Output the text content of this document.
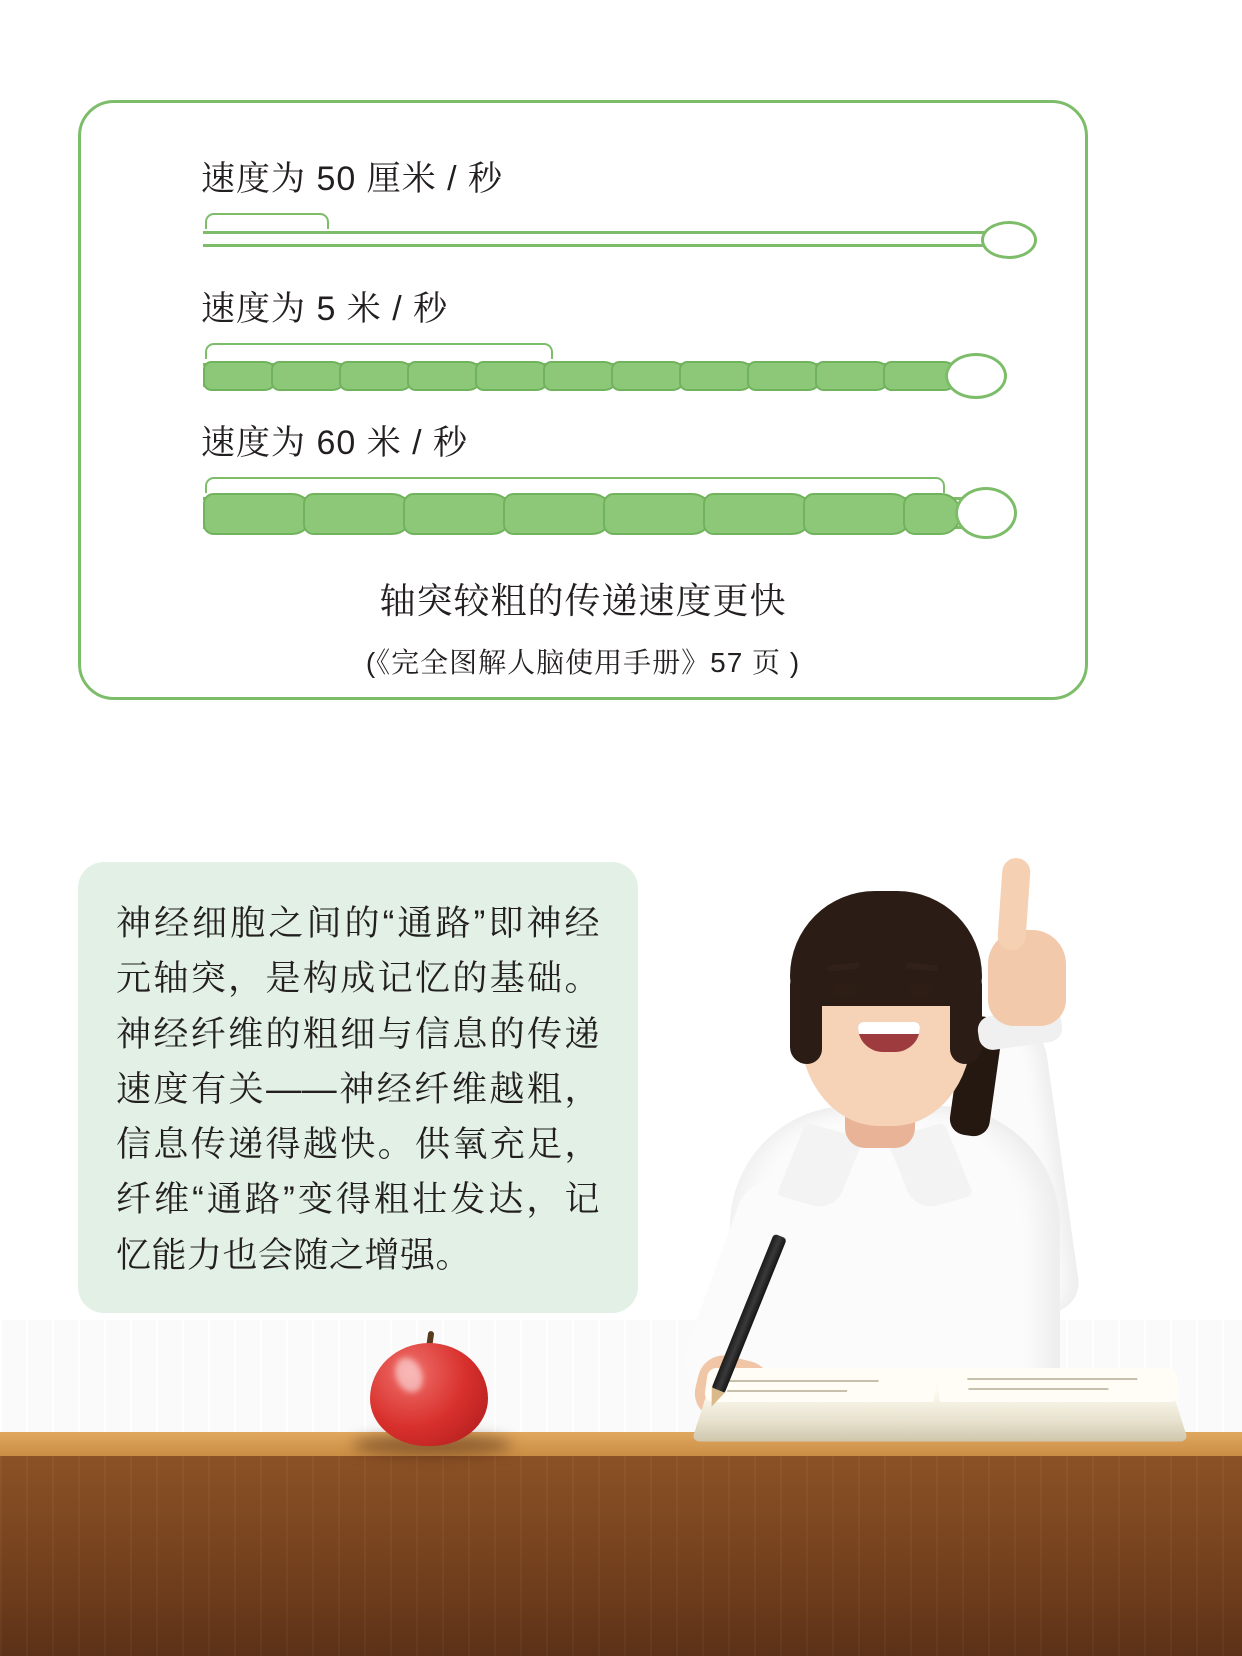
速度为 50 厘米 / 秒
速度为 5 米 / 秒
速度为 60 米 / 秒
轴突较粗的传递速度更快
(《完全图解人脑使用手册》57 页 )

神经细胞之间的“通路”即神经元轴突，是构成记忆的基础。神经纤维的粗细与信息的传递速度有关——神经纤维越粗，信息传递得越快。供氧充足，纤维“通路”变得粗壮发达，记忆能力也会随之增强。
